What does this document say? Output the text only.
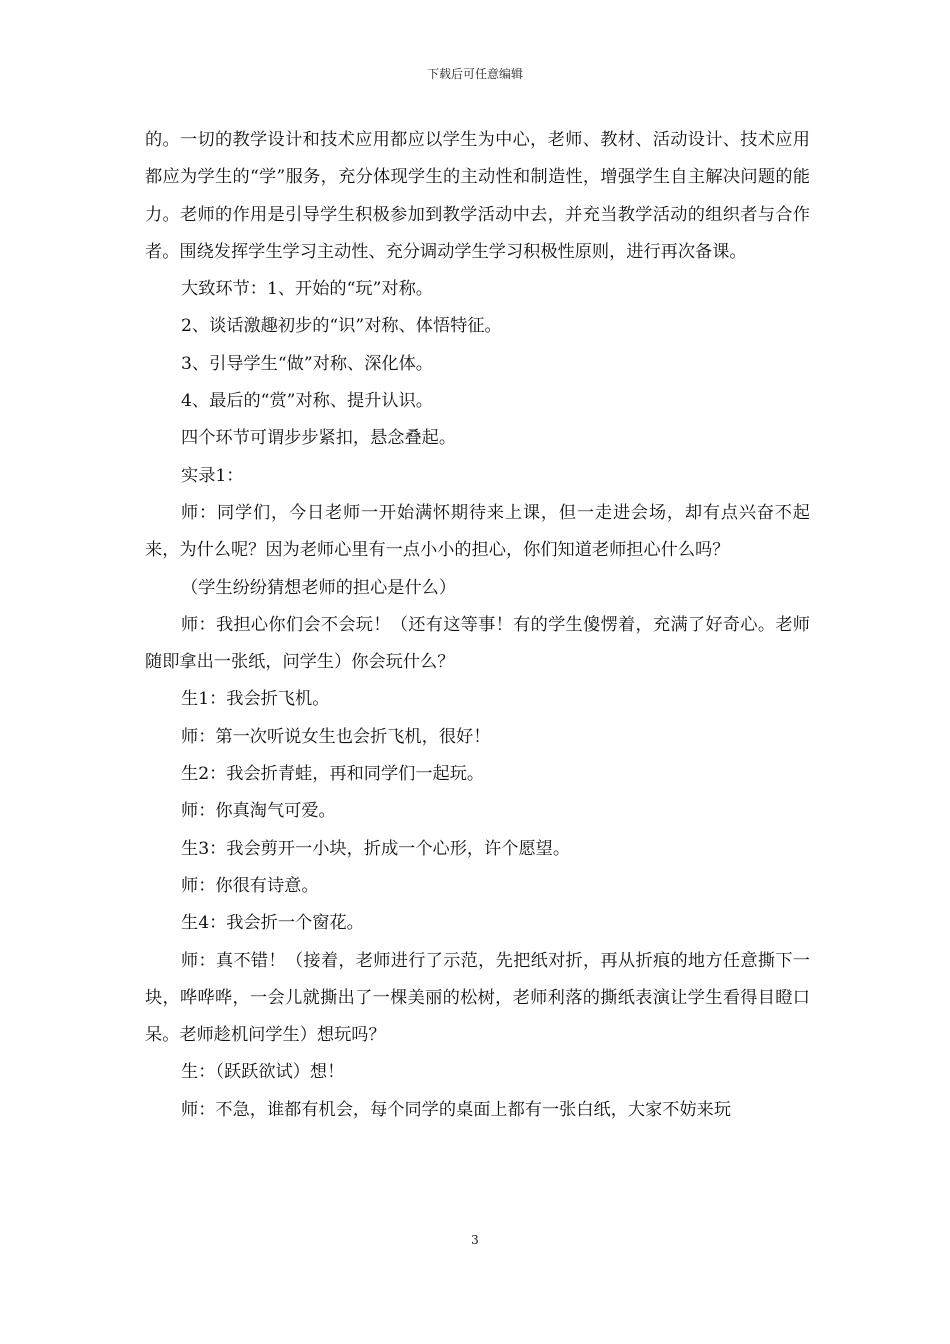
下载后可任意编辑

的。一切的教学设计和技术应用都应以学生为中心，老师、教材、活动设计、技术应用都应为学生的“学”服务，充分体现学生的主动性和制造性，增强学生自主解决问题的能力。老师的作用是引导学生积极参加到教学活动中去，并充当教学活动的组织者与合作者。围绕发挥学生学习主动性、充分调动学生学习积极性原则，进行再次备课。

大致环节：1、开始的“玩”对称。

2、谈话激趣初步的“识”对称、体悟特征。

3、引导学生“做”对称、深化体。

4、最后的“赏”对称、提升认识。

四个环节可谓步步紧扣，悬念叠起。

实录1：

师：同学们，今日老师一开始满怀期待来上课，但一走进会场，却有点兴奋不起来，为什么呢？因为老师心里有一点小小的担心，你们知道老师担心什么吗？

（学生纷纷猜想老师的担心是什么）

师：我担心你们会不会玩！（还有这等事！有的学生傻愣着，充满了好奇心。老师随即拿出一张纸，问学生）你会玩什么？

生1：我会折飞机。

师：第一次听说女生也会折飞机，很好！

生2：我会折青蛙，再和同学们一起玩。

师：你真淘气可爱。

生3：我会剪开一小块，折成一个心形，许个愿望。

师：你很有诗意。

生4：我会折一个窗花。

师：真不错！（接着，老师进行了示范，先把纸对折，再从折痕的地方任意撕下一块，哗哗哗，一会儿就撕出了一棵美丽的松树，老师利落的撕纸表演让学生看得目瞪口呆。老师趁机问学生）想玩吗？

生：（跃跃欲试）想！

师：不急，谁都有机会，每个同学的桌面上都有一张白纸，大家不妨来玩

3
